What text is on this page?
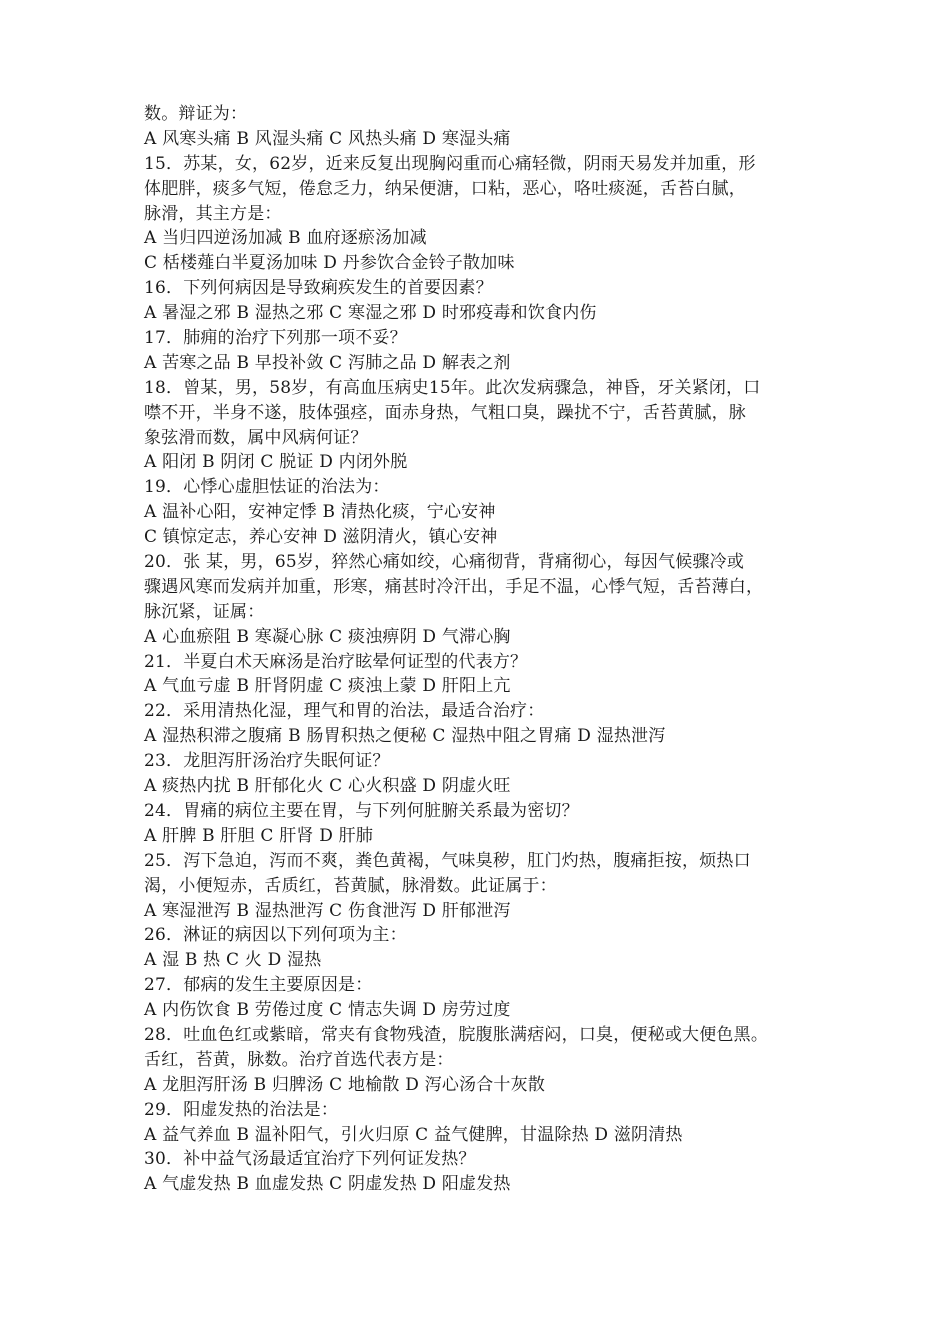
数。辩证为：
A 风寒头痛 B 风湿头痛 C 风热头痛 D 寒湿头痛
15．苏某，女，62岁，近来反复出现胸闷重而心痛轻微，阴雨天易发并加重，形
体肥胖，痰多气短，倦怠乏力，纳呆便溏，口粘，恶心，咯吐痰涎，舌苔白腻，
脉滑，其主方是：
A 当归四逆汤加减 B 血府逐瘀汤加减
C 栝楼薤白半夏汤加味 D 丹参饮合金铃子散加味
16．下列何病因是导致痢疾发生的首要因素？
A 暑湿之邪 B 湿热之邪 C 寒湿之邪 D 时邪疫毒和饮食内伤
17．肺痈的治疗下列那一项不妥？
A 苦寒之品 B 早投补敛 C 泻肺之品 D 解表之剂
18．曾某，男，58岁，有高血压病史15年。此次发病骤急，神昏，牙关紧闭，口
噤不开，半身不遂，肢体强痉，面赤身热，气粗口臭，躁扰不宁，舌苔黄腻，脉
象弦滑而数，属中风病何证？
A 阳闭 B 阴闭 C 脱证 D 内闭外脱
19．心悸心虚胆怯证的治法为：
A 温补心阳，安神定悸 B 清热化痰，宁心安神
C 镇惊定志，养心安神 D 滋阴清火，镇心安神
20．张 某，男，65岁，猝然心痛如绞，心痛彻背，背痛彻心，每因气候骤冷或
骤遇风寒而发病并加重，形寒，痛甚时冷汗出，手足不温，心悸气短，舌苔薄白，
脉沉紧，证属：
A 心血瘀阻 B 寒凝心脉 C 痰浊痹阴 D 气滞心胸
21．半夏白术天麻汤是治疗眩晕何证型的代表方？
A 气血亏虚 B 肝肾阴虚 C 痰浊上蒙 D 肝阳上亢
22．采用清热化湿，理气和胃的治法，最适合治疗：
A 湿热积滞之腹痛 B 肠胃积热之便秘 C 湿热中阻之胃痛 D 湿热泄泻
23．龙胆泻肝汤治疗失眠何证？
A 痰热内扰 B 肝郁化火 C 心火积盛 D 阴虚火旺
24．胃痛的病位主要在胃，与下列何脏腑关系最为密切？
A 肝脾 B 肝胆 C 肝肾 D 肝肺
25．泻下急迫，泻而不爽，粪色黄褐，气味臭秽，肛门灼热，腹痛拒按，烦热口
渴，小便短赤，舌质红，苔黄腻，脉滑数。此证属于：
A 寒湿泄泻 B 湿热泄泻 C 伤食泄泻 D 肝郁泄泻
26．淋证的病因以下列何项为主：
A 湿 B 热 C 火 D 湿热
27．郁病的发生主要原因是：
A 内伤饮食 B 劳倦过度 C 情志失调 D 房劳过度
28．吐血色红或紫暗，常夹有食物残渣，脘腹胀满痞闷，口臭，便秘或大便色黑。
舌红，苔黄，脉数。治疗首选代表方是：
A 龙胆泻肝汤 B 归脾汤 C 地榆散 D 泻心汤合十灰散
29．阳虚发热的治法是：
A 益气养血 B 温补阳气，引火归原 C 益气健脾，甘温除热 D 滋阴清热
30．补中益气汤最适宜治疗下列何证发热？
A 气虚发热 B 血虚发热 C 阴虚发热 D 阳虚发热
